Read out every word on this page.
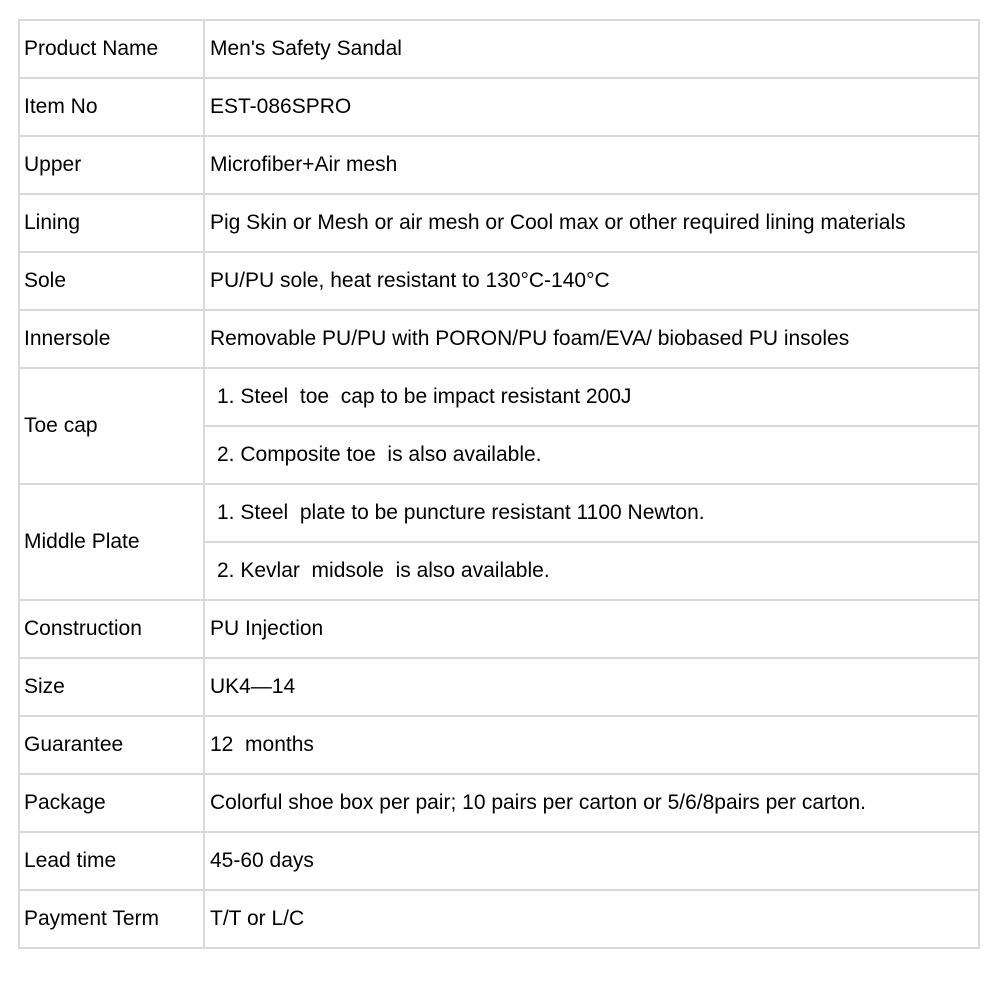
Product Name	Men's Safety Sandal
Item No	EST-086SPRO
Upper	Microfiber+Air mesh
Lining	Pig Skin or Mesh or air mesh or Cool max or other required lining materials
Sole	PU/PU sole, heat resistant to 130°C-140°C
Innersole	Removable PU/PU with PORON/PU foam/EVA/ biobased PU insoles
Toe cap	1. Steel  toe  cap to be impact resistant 200J
	2. Composite toe  is also available.
Middle Plate	1. Steel  plate to be puncture resistant 1100 Newton.
	2. Kevlar  midsole  is also available.
Construction	PU Injection
Size	UK4—14
Guarantee	12  months
Package	Colorful shoe box per pair; 10 pairs per carton or 5/6/8pairs per carton.
Lead time	45-60 days
Payment Term	T/T or L/C
